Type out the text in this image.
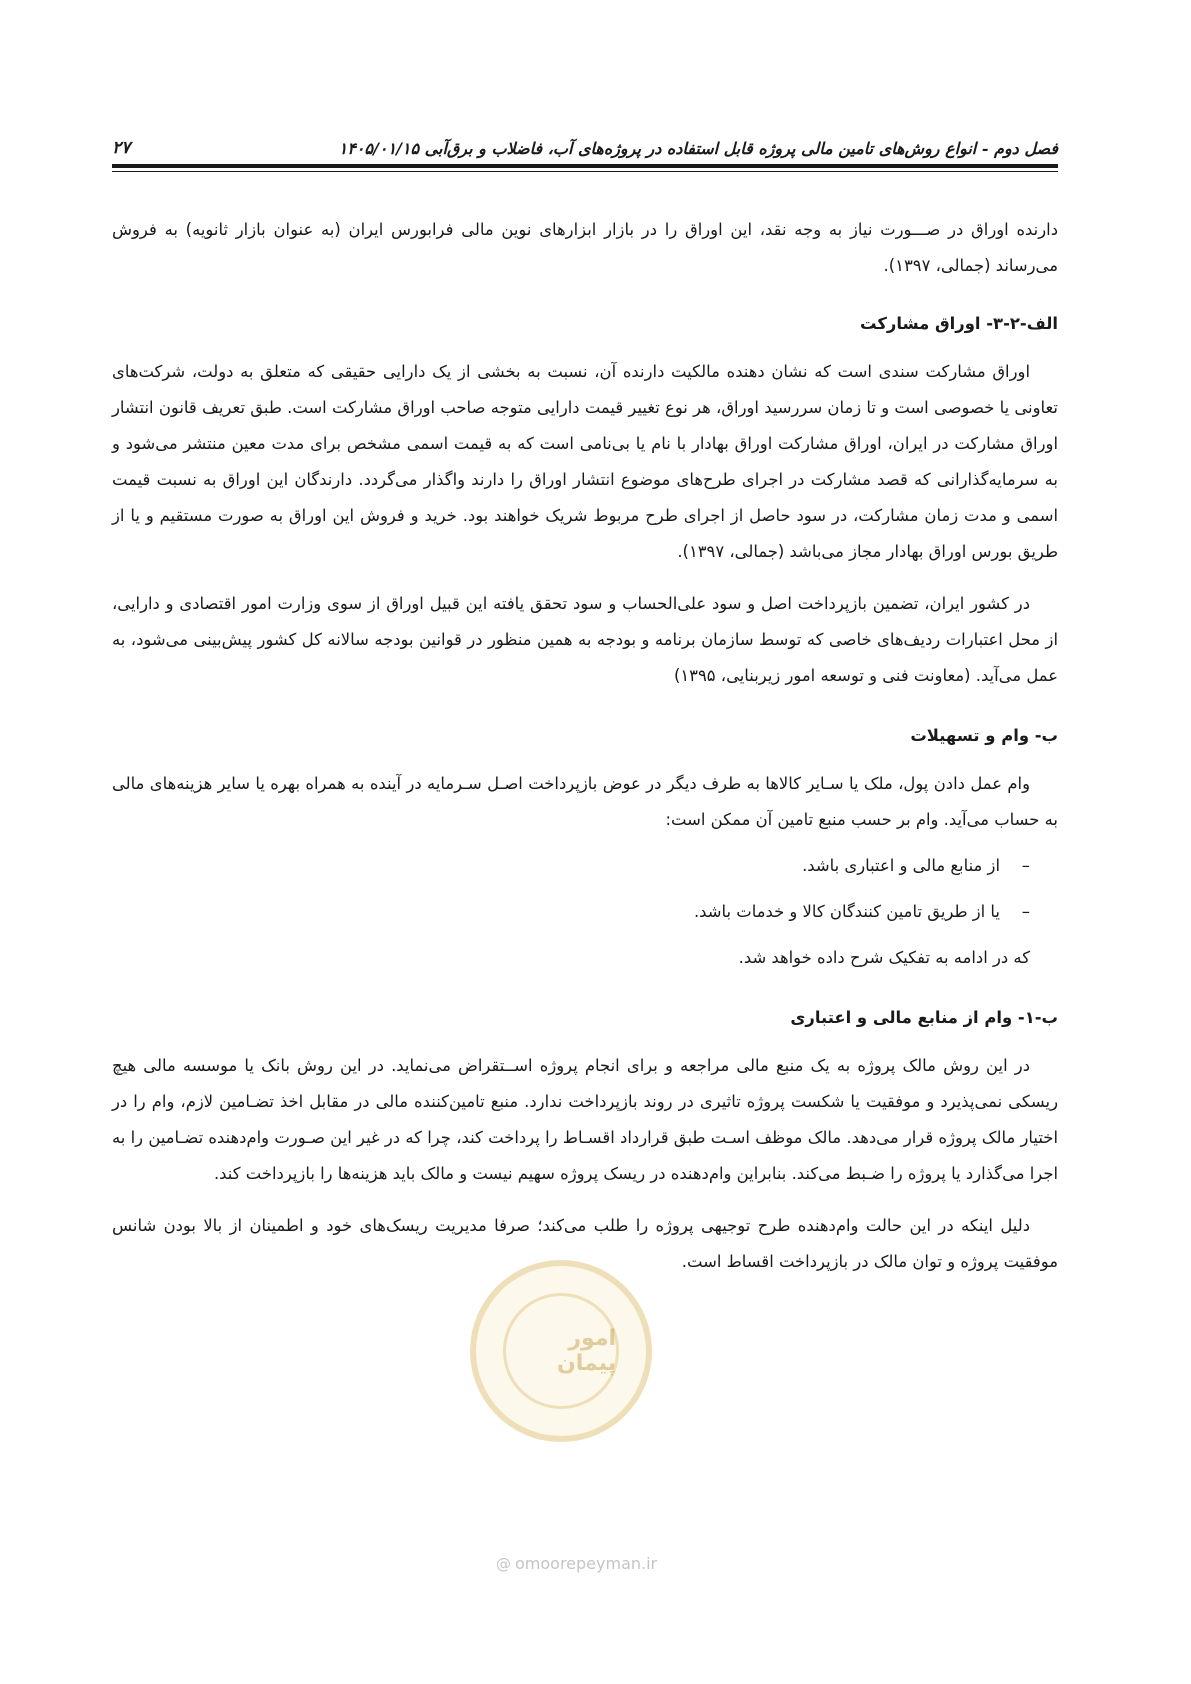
فصل دوم - انواع روش‌های تامین مالی پروژه قابل استفاده در پروژه‌های آب، فاضلاب و برق‌آبی ۱۴۰۵/۰۱/۱۵
۲۷
امور پیمان

دارنده اوراق در صـــورت نیاز به وجه نقد، این اوراق را در بازار ابزارهای نوین مالی فرابورس ایران (به عنوان بازار ثانویه) به فروش می‌رساند (جمالی، ۱۳۹۷).

الف-۲-۳- اوراق مشارکت

اوراق مشارکت سندی است که نشان دهنده مالکیت دارنده آن، نسبت به بخشی از یک دارایی حقیقی که متعلق به دولت، شرکت‌های تعاونی یا خصوصی است و تا زمان سررسید اوراق، هر نوع تغییر قیمت دارایی متوجه صاحب اوراق مشارکت است. طبق تعریف قانون انتشار اوراق مشارکت در ایران، اوراق مشارکت اوراق بهادار با نام یا بی‌نامی است که به قیمت اسمی مشخص برای مدت معین منتشر می‌شود و به سرمایه‌گذارانی که قصد مشارکت در اجرای طرح‌های موضوع انتشار اوراق را دارند واگذار می‌گردد. دارندگان این اوراق به نسبت قیمت اسمی و مدت زمان مشارکت، در سود حاصل از اجرای طرح مربوط شریک خواهند بود. خرید و فروش این اوراق به صورت مستقیم و یا از طریق بورس اوراق بهادار مجاز می‌باشد (جمالی، ۱۳۹۷).

در کشور ایران، تضمین بازپرداخت اصل و سود علی‌الحساب و سود تحقق یافته این قبیل اوراق از سوی وزارت امور اقتصادی و دارایی، از محل اعتبارات ردیف‌های خاصی که توسط سازمان برنامه و بودجه به همین منظور در قوانین بودجه سالانه کل کشور پیش‌بینی می‌شود، به عمل می‌آید. (معاونت فنی و توسعه امور زیربنایی، ۱۳۹۵)

ب- وام و تسهیلات

وام عمل دادن پول، ملک یا سـایر کالاها به طرف دیگر در عوض بازپرداخت اصـل سـرمایه در آینده به همراه بهره یا سایر هزینه‌های مالی به حساب می‌آید. وام بر حسب منبع تامین آن ممکن است:

–از منابع مالی و اعتباری باشد.
–یا از طریق تامین کنندگان کالا و خدمات باشد.
که در ادامه به تفکیک شرح داده خواهد شد.
ب-۱- وام از منابع مالی و اعتباری

در این روش مالک پروژه به یک منبع مالی مراجعه و برای انجام پروژه اســتقراض می‌نماید. در این روش بانک یا موسسه مالی هیچ ریسکی نمی‌پذیرد و موفقیت یا شکست پروژه تاثیری در روند بازپرداخت ندارد. منبع تامین‌کننده مالی در مقابل اخذ تضـامین لازم، وام را در اختیار مالک پروژه قرار می‌دهد. مالک موظف اسـت طبق قرارداد اقسـاط را پرداخت کند، چرا که در غیر این صـورت وام‌دهنده تضـامین را به اجرا می‌گذارد یا پروژه را ضـبط می‌کند. بنابراین وام‌دهنده در ریسک پروژه سهیم نیست و مالک باید هزینه‌ها را بازپرداخت کند.

دلیل اینکه در این حالت وام‌دهنده طرح توجیهی پروژه را طلب می‌کند؛ صرفا مدیریت ریسک‌های خود و اطمینان از بالا بودن شانس موفقیت پروژه و توان مالک در بازپرداخت اقساط است.

@ omoorepeyman.ir
